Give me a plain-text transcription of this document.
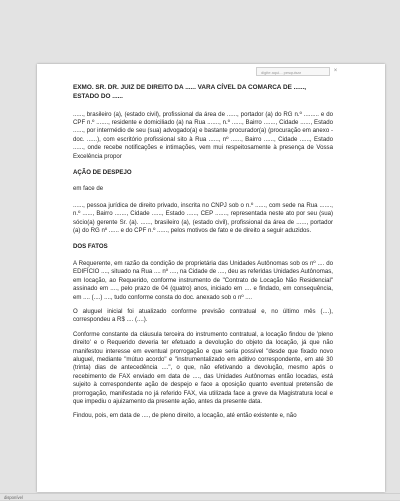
digite aqui... pesquisar	×
EXMO. SR. DR. JUIZ DE DIREITO DA ...... VARA CÍVEL DA COMARCA DE ......, ESTADO DO ......
......, brasileiro (a), (estado civil), profissional da área de ......, portador (a) do RG n.º ......... e do CPF n.º ......., residente e domiciliado (a) na Rua ......., n.º ......, Bairro ......., Cidade ......, Estado ......, por intermédio de seu (sua) advogado(a) e bastante procurador(a) (procuração em anexo - doc. ......), com escritório profissional sito à Rua ......, nº ......, Bairro ......, Cidade ......, Estado ......, onde recebe notificações e intimações, vem mui respeitosamente à presença de Vossa Excelência propor
AÇÃO DE DESPEJO
em face de
......, pessoa jurídica de direito privado, inscrita no CNPJ sob o n.º ......, com sede na Rua ......., n.º ......, Bairro ......., Cidade ......, Estado ......, CEP ......., representada neste ato por seu (sua) sócio(a) gerente Sr. (a). ......, brasileiro (a), (estado civil), profissional da área de ......, portador (a) do RG nº ...... e do CPF n.º ......, pelos motivos de fato e de direito a seguir aduzidos.
DOS FATOS
A Requerente, em razão da condição de proprietária das Unidades Autônomas sob os nº .... do EDIFÍCIO ...., situado na Rua .... nº ...., na Cidade de ...., deu as referidas Unidades Autônomas, em locação, ao Requerido, conforme instrumento de "Contrato de Locação Não Residencial" assinado em ...., pelo prazo de 04 (quatro) anos, iniciado em .... e findado, em consequência, em .... (....) ...., tudo conforme consta do doc. anexado sob o nº ....
O aluguel inicial foi atualizado conforme previsão contratual e, no último mês (....), correspondeu a R$ .... (....).
Conforme constante da cláusula terceira do instrumento contratual, a locação findou de 'pleno direito' e o Requerido deveria ter efetuado a devolução do objeto da locação, já que não manifestou interesse em eventual prorrogação e que seria possível "desde que fixado novo aluguel, mediante "mútuo acordo" e "instrumentalizado em aditivo correspondente, em até 30 (trinta) dias de antecedência ....", o que, não efetivando a devolução, mesmo após o recebimento de FAX enviado em data de ...., das Unidades Autônomas então locadas, está sujeito à correspondente ação de despejo e face a oposição quanto eventual pretensão de prorrogação, manifestada no já referido FAX, via utilizada face a greve da Magistratura local e que impediu o ajuizamento da presente ação, antes da presente data.
Findou, pois, em data de ...., de pleno direito, a locação, até então existente e, não
disponível
